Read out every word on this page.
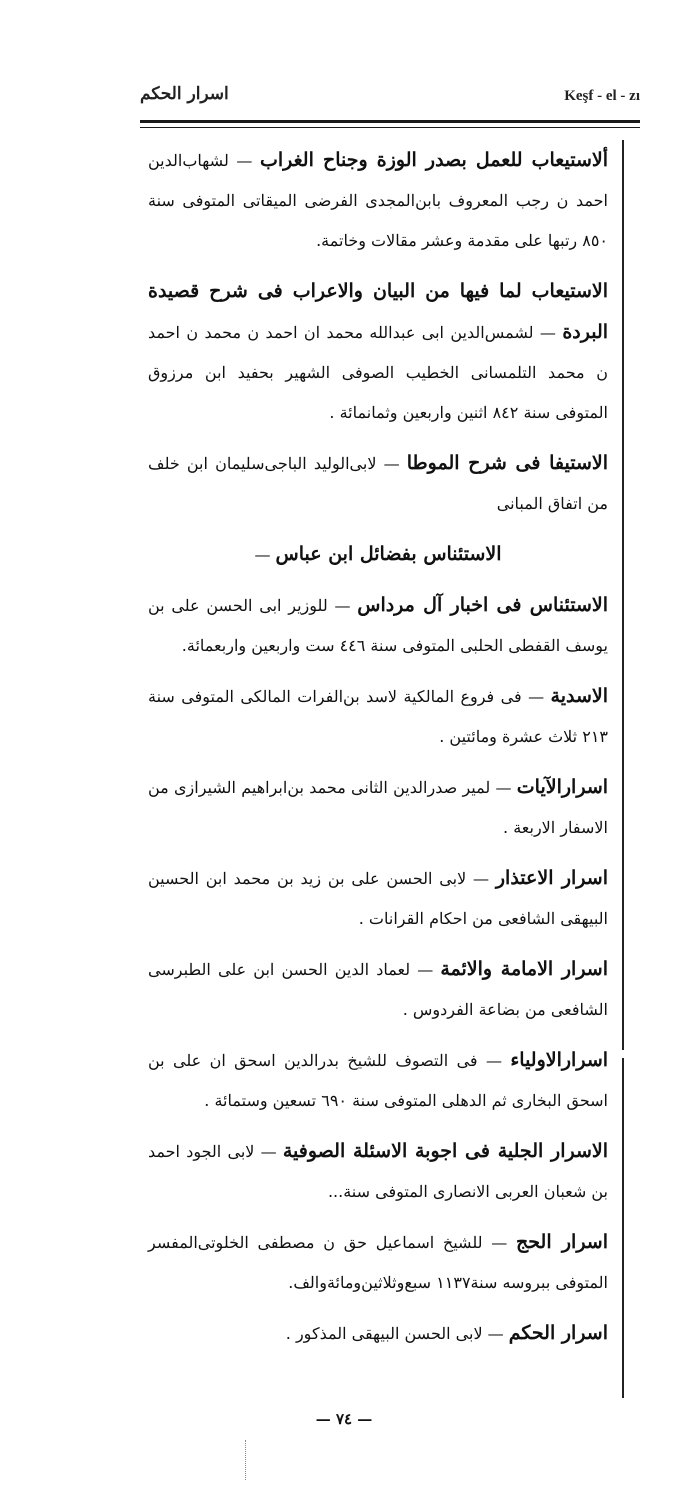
اسرار الحكم	Keşf - el - zı

ألاستيعاب للعمل بصدر الوزة وجناح الغراب — لشهاب‌الدين احمد ن رجب المعروف بابن‌المجدى الفرضى الميقاتى المتوفى سنة ٨٥٠ رتبها على مقدمة وعشر مقالات وخاتمة.

الاستيعاب لما فيها من البيان والاعراب فى شرح قصيدة البردة — لشمس‌الدين ابى عبدالله محمد ان احمد ن محمد ن احمد ن محمد التلمسانى الخطيب الصوفى الشهير بحفيد ابن مرزوق المتوفى سنة ٨٤٢ اثنين واربعين وثمانمائة .

الاستيفا فى شرح الموطا — لابى‌الوليد الباجى‌سليمان ابن خلف من اتفاق المبانى

الاستئناس بفضائل ابن عباس —

الاستئناس فى اخبار آل مرداس — للوزير ابى الحسن على بن يوسف القفطى الحلبى المتوفى سنة ٤٤٦ ست واربعين واربعمائة.

الاسدية — فى فروع المالكية لاسد بن‌الفرات المالكى المتوفى سنة ٢١٣ ثلاث عشرة ومائتين .

اسرارالآيات — لمير صدرالدين الثانى محمد بن‌ابراهيم الشيرازى من الاسفار الاربعة .

اسرار الاعتذار — لابى الحسن على بن زيد بن محمد ابن الحسين البيهقى الشافعى من احكام القرانات .

اسرار الامامة والائمة — لعماد الدين الحسن ابن على الطبرسى الشافعى من بضاعة الفردوس .

اسرارالاولياء — فى التصوف للشيخ بدرالدين اسحق ان على بن اسحق البخارى ثم الدهلى المتوفى سنة ٦٩٠ تسعين وستمائة .

الاسرار الجلية فى اجوبة الاسئلة الصوفية — لابى الجود احمد بن شعبان العربى الانصارى المتوفى سنة...

اسرار الحج — للشيخ اسماعيل حق ن مصطفى الخلوتى‌المفسر المتوفى ببروسه سنة١١٣٧ سبع‌وثلاثين‌ومائةوالف.

اسرار الحكم — لابى الحسن البيهقى المذكور .

— ٧٤ —
